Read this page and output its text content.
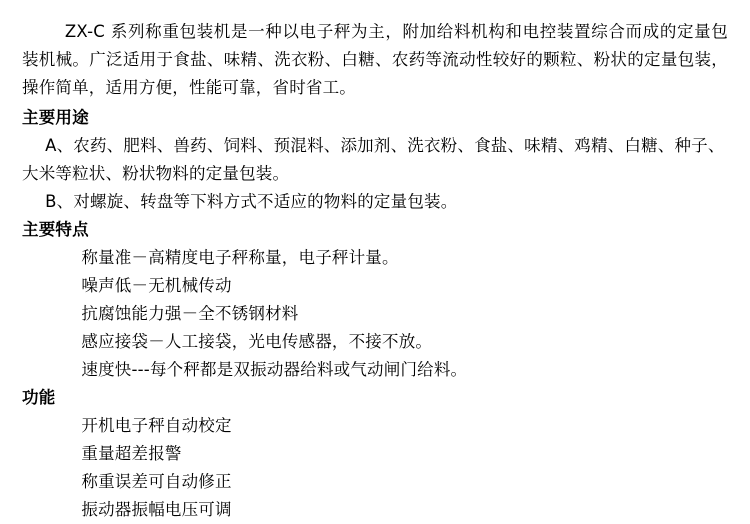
ZX-C 系列称重包装机是一种以电子秤为主，附加给料机构和电控装置综合而成的定量包装机械。广泛适用于食盐、味精、洗衣粉、白糖、农药等流动性较好的颗粒、粉状的定量包装，操作简单，适用方便，性能可靠，省时省工。

主要用途

A、农药、肥料、兽药、饲料、预混料、添加剂、洗衣粉、食盐、味精、鸡精、白糖、种子、大米等粒状、粉状物料的定量包装。

B、对螺旋、转盘等下料方式不适应的物料的定量包装。

主要特点

称量准－高精度电子秤称量，电子秤计量。

噪声低－无机械传动

抗腐蚀能力强－全不锈钢材料

感应接袋－人工接袋，光电传感器，不接不放。

速度快---每个秤都是双振动器给料或气动闸门给料。

功能

开机电子秤自动校定

重量超差报警

称重误差可自动修正

振动器振幅电压可调
